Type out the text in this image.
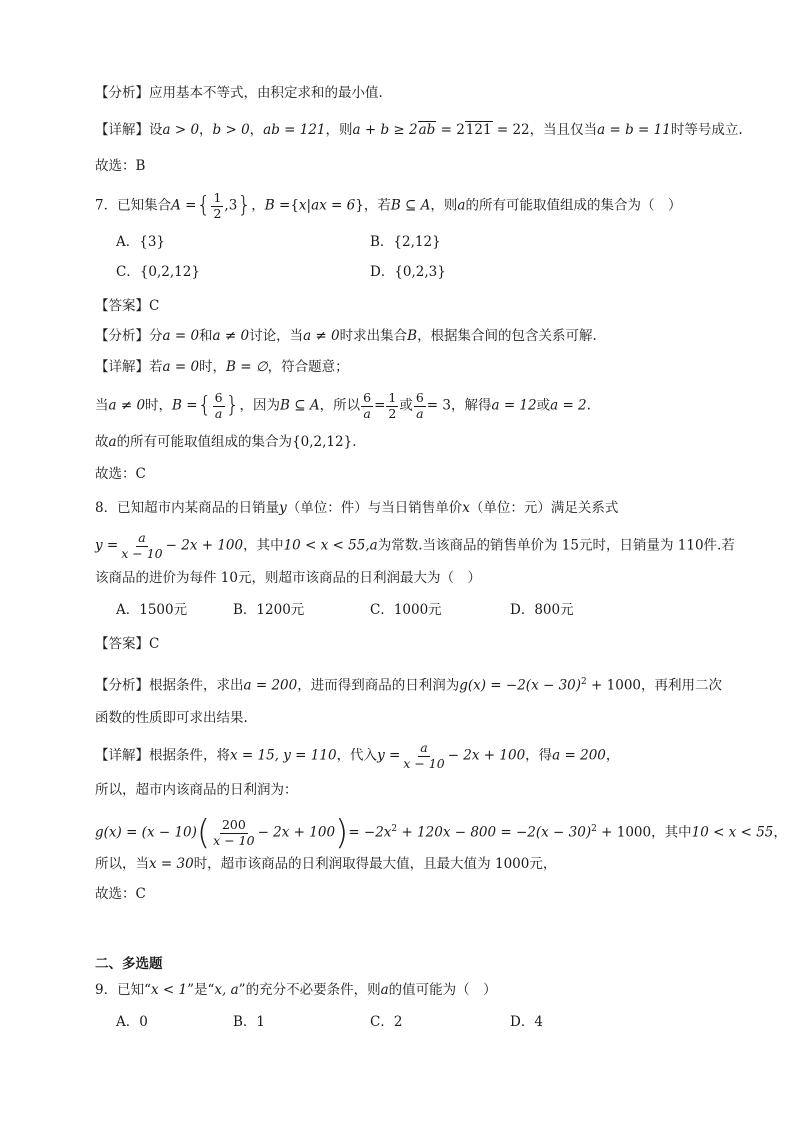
【分析】应用基本不等式，由积定求和的最小值.
【详解】设a > 0，b > 0，ab = 121，则a + b ≥ 2ab = 2121 = 22，当且仅当a = b = 11时等号成立.
故选：B
7．已知集合A ={ $\frac{1}{2} ,3$}，B ={x|ax = 6}，若B ⊆ A，则a的所有可能取值组成的集合为（　）
A．{3}	B．{2,12}
C．{0,2,12}	D．{0,2,3}
【答案】C
【分析】分a = 0和a ≠ 0讨论，当a ≠ 0时求出集合B，根据集合间的包含关系可解.
【详解】若a = 0时，B = ∅，符合题意；
当a ≠ 0时，B ={ $\frac{6}{a}$ }，因为B ⊆ A，所以 $\frac{6}{a} = \frac{1}{2}$ 或 $\frac{6}{a} = 3$，解得a = 12或a = 2.
故a的所有可能取值组成的集合为{0,2,12}.
故选：C
8．已知超市内某商品的日销量y（单位：件）与当日销售单价x（单位：元）满足关系式
$y = \frac{a}{x - 10} - 2x + 100$，其中10 < x < 55,a为常数.当该商品的销售单价为 15元时，日销量为 110件.若
该商品的进价为每件 10元，则超市该商品的日利润最大为（　）
A．1500元	B．1200元	C．1000元	D．800元
【答案】C
【分析】根据条件，求出a = 200，进而得到商品的日利润为$g(x) = -2(x - 30)^2 + 1000$，再利用二次
函数的性质即可求出结果.
【详解】根据条件，将x = 15, y = 110，代入$y = \frac{a}{x - 10} - 2x + 100$，得a = 200，
所以，超市内该商品的日利润为：
$g(x) = (x - 10)( \frac{200}{x - 10} - 2x + 100)= -2x^2 + 120x - 800 = -2(x - 30)^2 + 1000$，其中10 < x < 55，
所以，当x = 30时，超市该商品的日利润取得最大值，且最大值为 1000元，
故选：C
二、多选题
9．已知“x < 1”是“x, a”的充分不必要条件，则a的值可能为（　）
A．0	B．1	C．2	D．4
